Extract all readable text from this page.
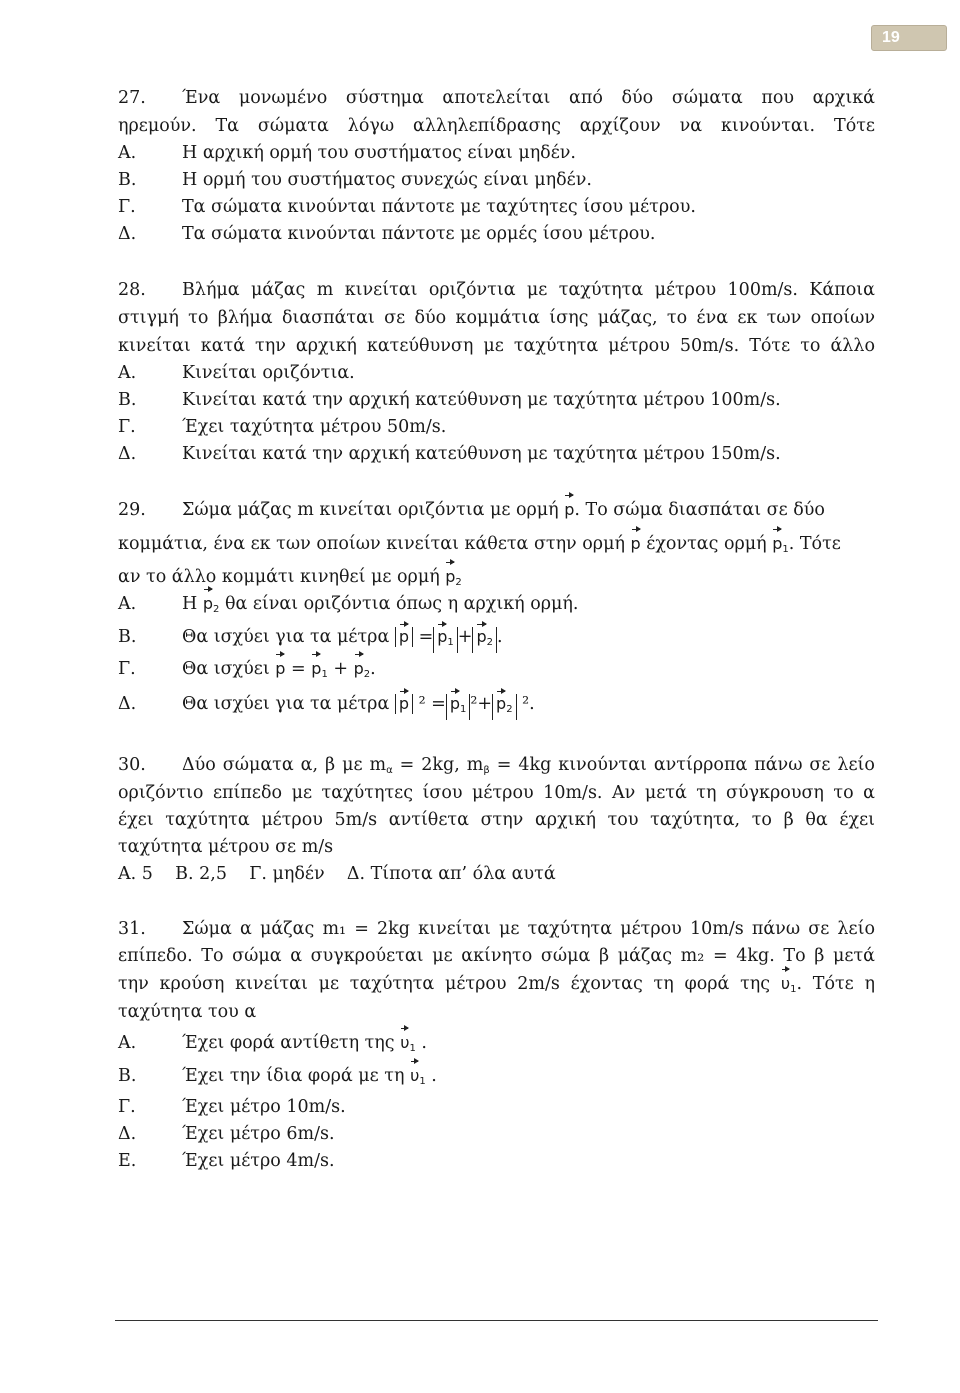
19
27. Ένα μονωμένο σύστημα αποτελείται από δύο σώματα που αρχικά
ηρεμούν. Τα σώματα λόγω αλληλεπίδρασης αρχίζουν να κινούνται. Τότε
Α.	Η αρχική ορμή του συστήματος είναι μηδέν.
Β.	Η ορμή του συστήματος συνεχώς είναι μηδέν.
Γ.	Τα σώματα κινούνται πάντοτε με ταχύτητες ίσου μέτρου.
Δ.	Τα σώματα κινούνται πάντοτε με ορμές ίσου μέτρου.
28. Βλήμα μάζας m κινείται οριζόντια με ταχύτητα μέτρου 100m/s. Κάποια
στιγμή το βλήμα διασπάται σε δύο κομμάτια ίσης μάζας, το ένα εκ των οποίων
κινείται κατά την αρχική κατεύθυνση με ταχύτητα μέτρου 50m/s. Τότε το άλλο
Α.	Κινείται οριζόντια.
Β.	Κινείται κατά την αρχική κατεύθυνση με ταχύτητα μέτρου 100m/s.
Γ.	Έχει ταχύτητα μέτρου 50m/s.
Δ.	Κινείται κατά την αρχική κατεύθυνση με ταχύτητα μέτρου 150m/s.
29. Σώμα μάζας m κινείται οριζόντια με ορμή p. Το σώμα διασπάται σε δύο
κομμάτια, ένα εκ των οποίων κινείται κάθετα στην ορμή p έχοντας ορμή $p_1$. Τότε
αν το άλλο κομμάτι κινηθεί με ορμή $p_2$
Α.	Η $p_2$ θα είναι οριζόντια όπως η αρχική ορμή.
Β.	Θα ισχύει για τα μέτρα $p = p_1 + p_2$ .
Γ.	Θα ισχύει $p = p_1 + p_2$.
Δ.	Θα ισχύει για τα μέτρα p $^2 = p_1$ $^2+ p_2$ ².
30. Δύο σώματα α, β με $m_\alpha = 2kg$, $m_\beta = 4kg$ κινούνται αντίρροπα πάνω σε λείο
οριζόντιο επίπεδο με ταχύτητες ίσου μέτρου 10m/s. Αν μετά τη σύγκρουση το α
έχει ταχύτητα μέτρου 5m/s αντίθετα στην αρχική του ταχύτητα, το β θα έχει
ταχύτητα μέτρου σε m/s
Α. 5    Β. 2,5    Γ. μηδέν    Δ. Τίποτα απ’ όλα αυτά
31. Σώμα α μάζας m₁ = 2kg κινείται με ταχύτητα μέτρου 10m/s πάνω σε λείο
επίπεδο. Το σώμα α συγκρούεται με ακίνητο σώμα β μάζας m₂ = 4kg. Το β μετά
την κρούση κινείται με ταχύτητα μέτρου 2m/s έχοντας τη φορά της $\upsilon_1$. Τότε η
ταχύτητα του α
Α.	Έχει φορά αντίθετη της $\upsilon_1$ .
Β.	Έχει την ίδια φορά με τη $\upsilon_1$ .
Γ.	Έχει μέτρο 10m/s.
Δ.	Έχει μέτρο 6m/s.
Ε.	Έχει μέτρο 4m/s.
